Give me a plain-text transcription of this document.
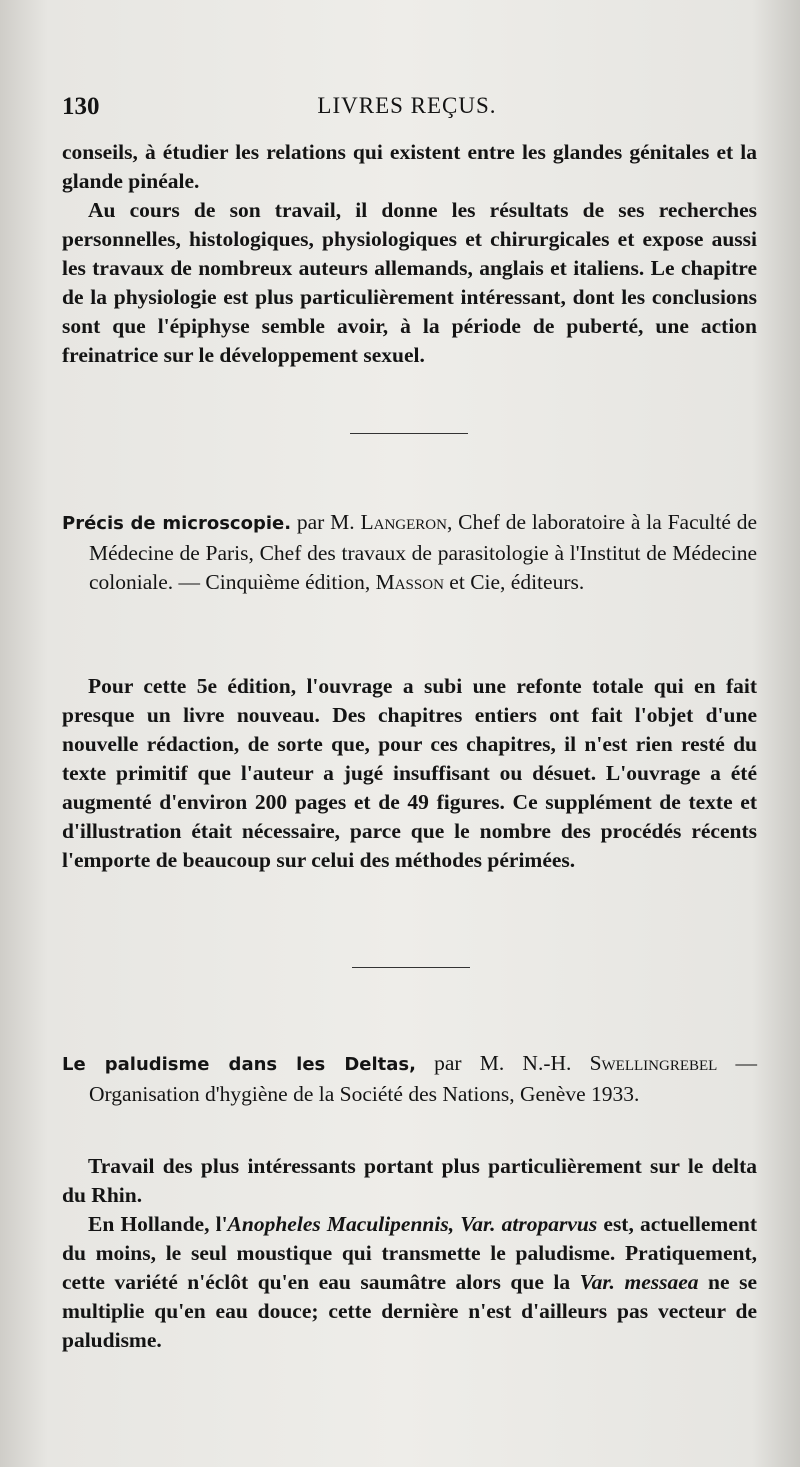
130	LIVRES REÇUS.

conseils, à étudier les relations qui existent entre les glandes génitales et la glande pinéale.

Au cours de son travail, il donne les résultats de ses recherches personnelles, histologiques, physiologiques et chirurgicales et expose aussi les travaux de nombreux auteurs allemands, anglais et italiens. Le chapitre de la physiologie est plus particulièrement intéressant, dont les conclusions sont que l'épiphyse semble avoir, à la période de puberté, une action freinatrice sur le développement sexuel.

Précis de microscopie. par M. Langeron, Chef de laboratoire à la Faculté de Médecine de Paris, Chef des travaux de parasitologie à l'Institut de Médecine coloniale. — Cinquième édition, Masson et Cie, éditeurs.

Pour cette 5e édition, l'ouvrage a subi une refonte totale qui en fait presque un livre nouveau. Des chapitres entiers ont fait l'objet d'une nouvelle rédaction, de sorte que, pour ces chapitres, il n'est rien resté du texte primitif que l'auteur a jugé insuffisant ou désuet. L'ouvrage a été augmenté d'environ 200 pages et de 49 figures. Ce supplément de texte et d'illustration était nécessaire, parce que le nombre des procédés récents l'emporte de beaucoup sur celui des méthodes périmées.

Le paludisme dans les Deltas, par M. N.-H. Swellingrebel — Organisation d'hygiène de la Société des Nations, Genève 1933.

Travail des plus intéressants portant plus particulièrement sur le delta du Rhin.

En Hollande, l'Anopheles Maculipennis, Var. atroparvus est, actuellement du moins, le seul moustique qui transmette le paludisme. Pratiquement, cette variété n'éclôt qu'en eau saumâtre alors que la Var. messaea ne se multiplie qu'en eau douce; cette dernière n'est d'ailleurs pas vecteur de paludisme.
